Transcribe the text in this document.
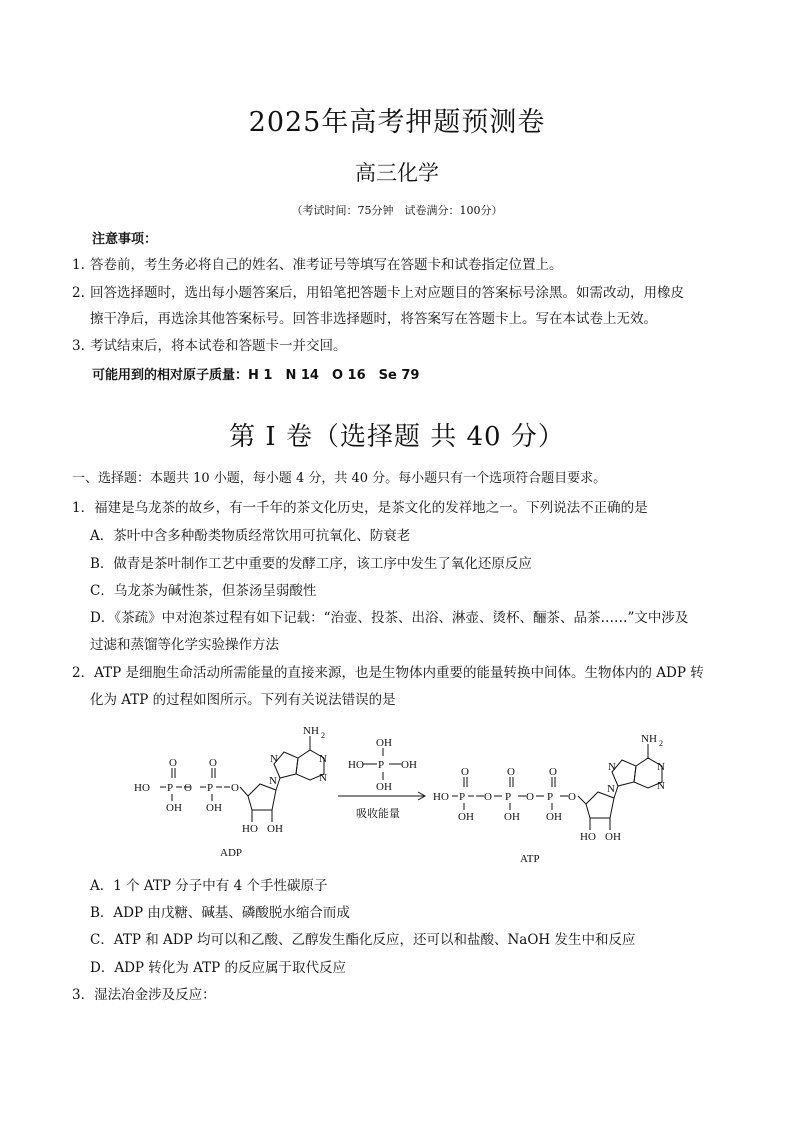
2025年高考押题预测卷
高三化学
（考试时间：75分钟　试卷满分：100分）
注意事项：
1. 答卷前，考生务必将自己的姓名、准考证号等填写在答题卡和试卷指定位置上。
2. 回答选择题时，选出每小题答案后，用铅笔把答题卡上对应题目的答案标号涂黑。如需改动，用橡皮
擦干净后，再选涂其他答案标号。回答非选择题时，将答案写在答题卡上。写在本试卷上无效。
3. 考试结束后，将本试卷和答题卡一并交回。
可能用到的相对原子质量：H 1　N 14　O 16　Se 79
第 I 卷（选择题 共 40 分）
一、选择题：本题共 10 小题，每小题 4 分，共 40 分。每小题只有一个选项符合题目要求。
1．福建是乌龙茶的故乡，有一千年的茶文化历史，是茶文化的发祥地之一。下列说法不正确的是
A．茶叶中含多种酚类物质经常饮用可抗氧化、防衰老
B．做青是茶叶制作工艺中重要的发酵工序，该工序中发生了氧化还原反应
C．乌龙茶为碱性茶，但茶汤呈弱酸性
D．《茶疏》中对泡茶过程有如下记载：“治壶、投茶、出浴、淋壶、烫杯、酾茶、品茶……”文中涉及
过滤和蒸馏等化学实验操作方法
2．ATP 是细胞生命活动所需能量的直接来源，也是生物体内重要的能量转换中间体。生物体内的 ADP 转
化为 ATP 的过程如图所示。下列有关说法错误的是
HO P
O
OH
O P
O
OH
O
HO OH
N
N	N
N
NH 2
ADP
OH
HO P OH
OH
吸收能量
HO P
O
OH
O P
O
OH
O P
O
OH
O
HO OH
N
N	N
N
NH 2
ATP
A．1 个 ATP 分子中有 4 个手性碳原子
B．ADP 由戊糖、碱基、磷酸脱水缩合而成
C．ATP 和 ADP 均可以和乙酸、乙醇发生酯化反应，还可以和盐酸、NaOH 发生中和反应
D．ADP 转化为 ATP 的反应属于取代反应
3．湿法冶金涉及反应：
